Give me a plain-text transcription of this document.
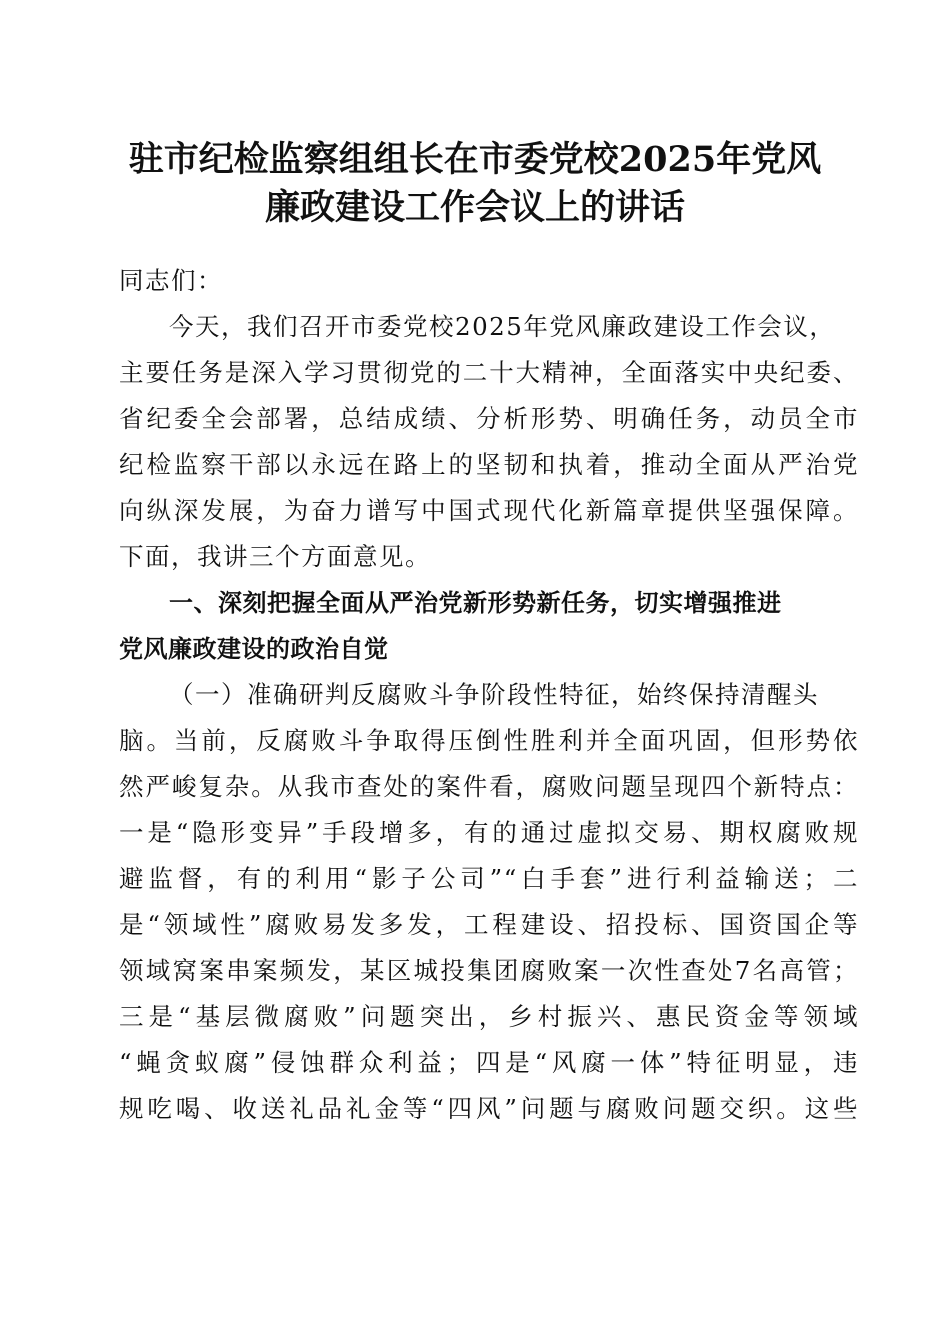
驻市纪检监察组组长在市委党校2025年党风
廉政建设工作会议上的讲话
同志们：
今天，我们召开市委党校2025年党风廉政建设工作会议，
主要任务是深入学习贯彻党的二十大精神，全面落实中央纪委、
省纪委全会部署，总结成绩、分析形势、明确任务，动员全市
纪检监察干部以永远在路上的坚韧和执着，推动全面从严治党
向纵深发展，为奋力谱写中国式现代化新篇章提供坚强保障。
下面，我讲三个方面意见。
一、深刻把握全面从严治党新形势新任务，切实增强推进
党风廉政建设的政治自觉
（一）准确研判反腐败斗争阶段性特征，始终保持清醒头
脑。当前，反腐败斗争取得压倒性胜利并全面巩固，但形势依
然严峻复杂。从我市查处的案件看，腐败问题呈现四个新特点：
一是“隐形变异”手段增多，有的通过虚拟交易、期权腐败规
避监督，有的利用“影子公司”“白手套”进行利益输送；二
是“领域性”腐败易发多发，工程建设、招投标、国资国企等
领域窝案串案频发，某区城投集团腐败案一次性查处7名高管；
三是“基层微腐败”问题突出，乡村振兴、惠民资金等领域
“蝇贪蚁腐”侵蚀群众利益；四是“风腐一体”特征明显，违
规吃喝、收送礼品礼金等“四风”问题与腐败问题交织。这些
